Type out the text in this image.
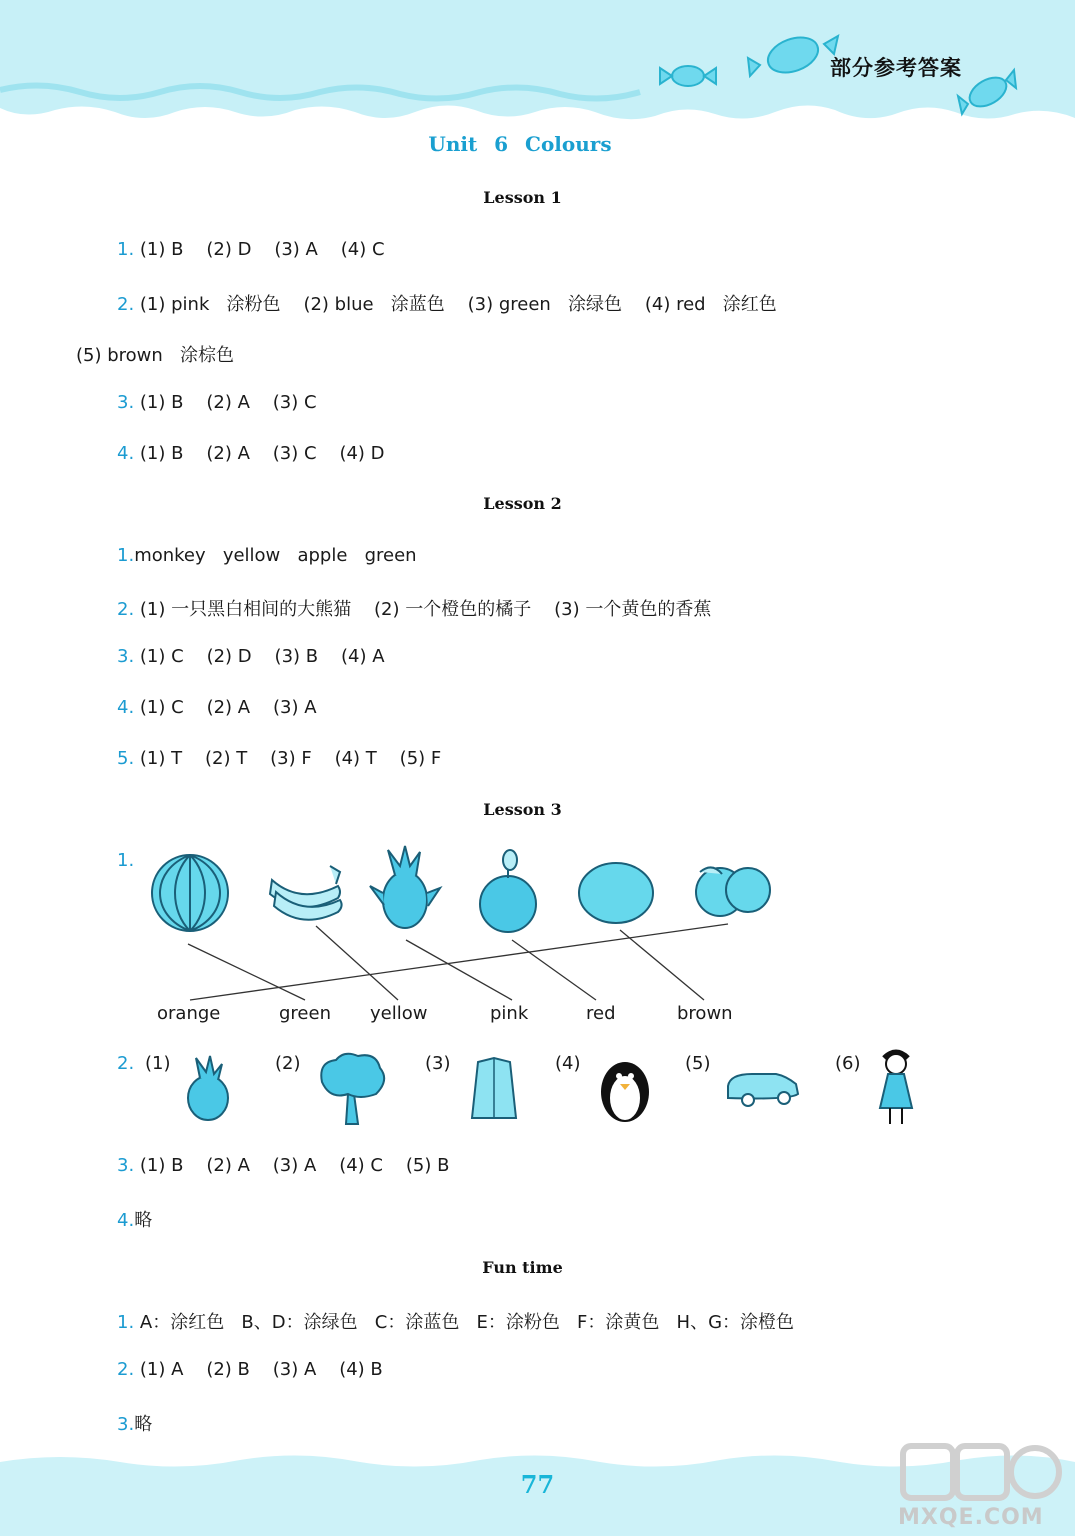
部分参考答案
Unit 6 Colours
Lesson 1
1. (1) B    (2) D    (3) A    (4) C
2. (1) pink   涂粉色    (2) blue   涂蓝色    (3) green   涂绿色    (4) red   涂红色
(5) brown   涂棕色
3. (1) B    (2) A    (3) C
4. (1) B    (2) A    (3) C    (4) D
Lesson 2
1.monkey   yellow   apple   green
2. (1) 一只黑白相间的大熊猫    (2) 一个橙色的橘子    (3) 一个黄色的香蕉
3. (1) C    (2) D    (3) B    (4) A
4. (1) C    (2) A    (3) A
5. (1) T    (2) T    (3) F    (4) T    (5) F
Lesson 3
1.
orange	green yellow	pink	red	brown
2. (1)	(2)	(3)	(4)	(5)	(6)
3. (1) B    (2) A    (3) A    (4) C    (5) B
4.略
Fun time
1. A：涂红色   B、D：涂绿色   C：涂蓝色   E：涂粉色   F：涂黄色   H、G：涂橙色
2. (1) A    (2) B    (3) A    (4) B
3.略
77
MXQE.COM
